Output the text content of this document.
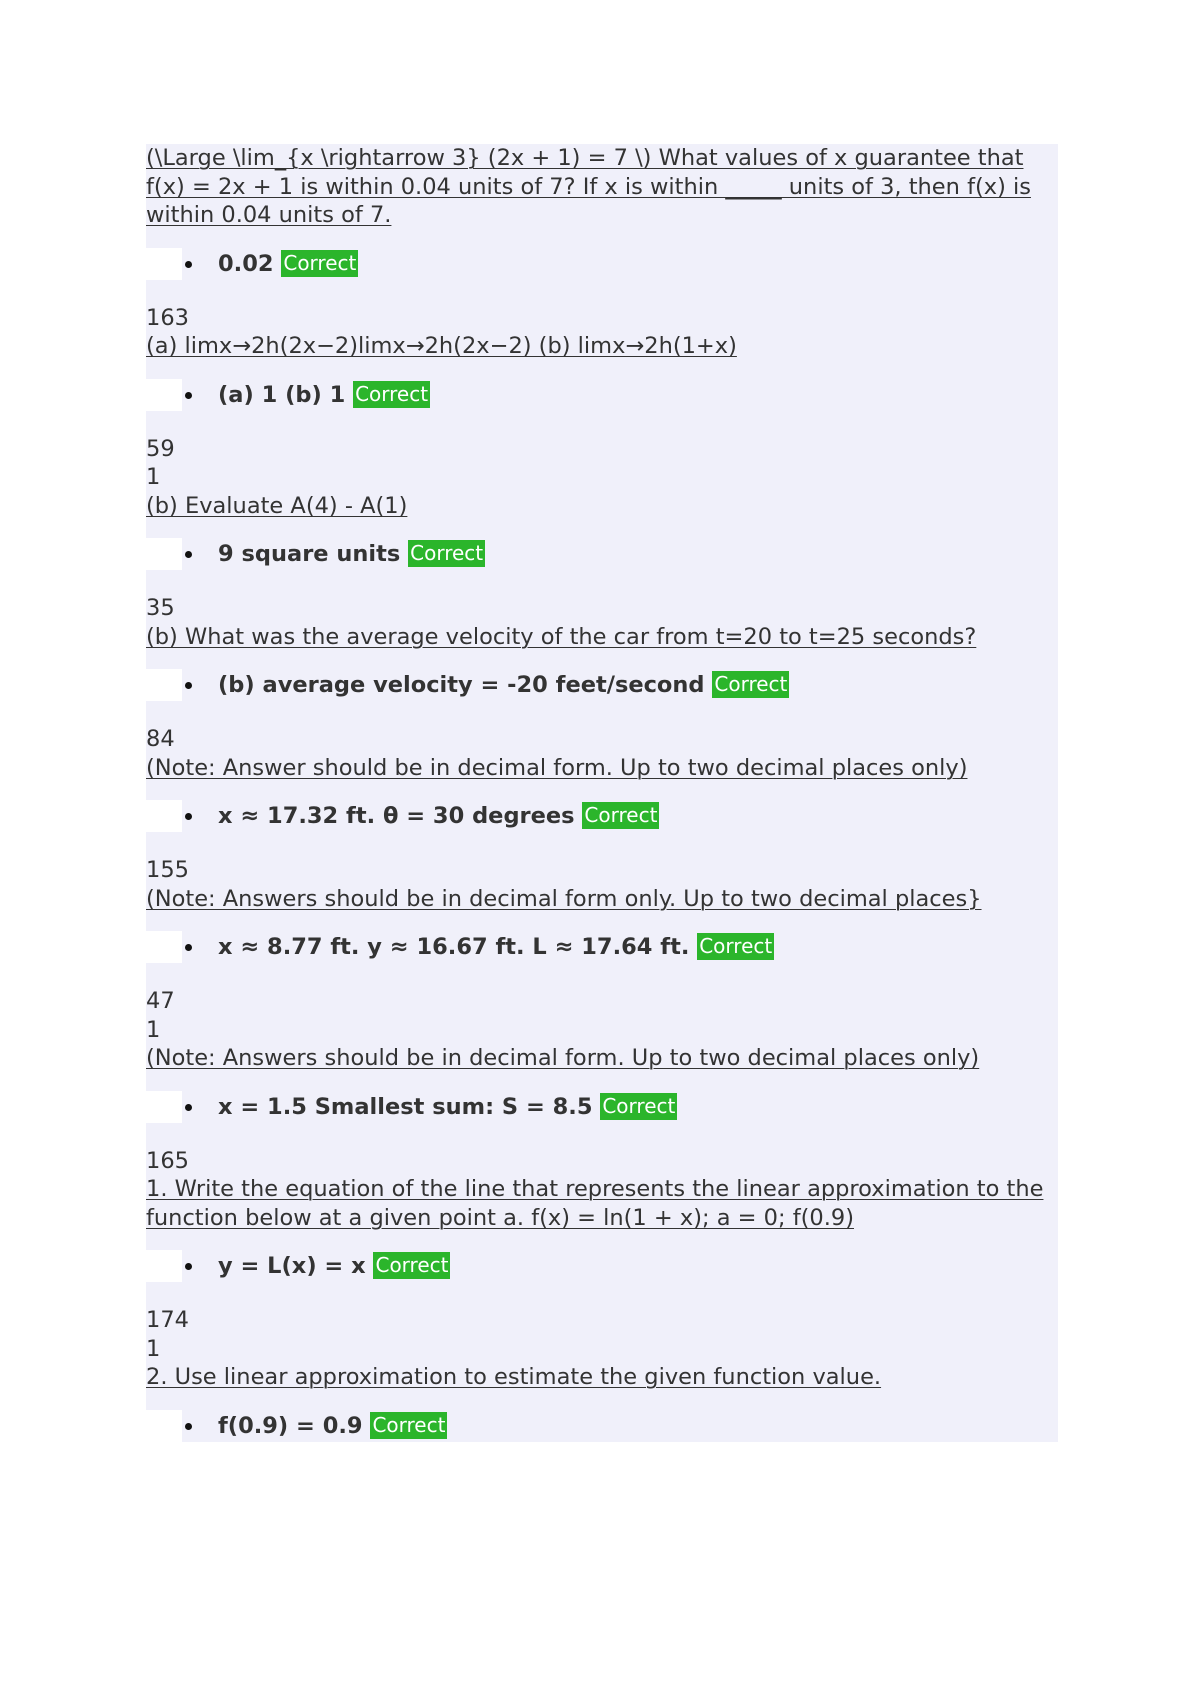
(\Large \lim_{x \rightarrow 3} (2x + 1) = 7 \) What values of x guarantee that f(x) = 2x + 1 is within 0.04 units of 7? If x is within _____ units of 3, then f(x) is within 0.04 units of 7.
0.02 Correct
163
(a) limx→2h(2x−2)limx→2h(2x−2) (b) limx→2h(1+x)
(a) 1 (b) 1 Correct
59
1
(b) Evaluate A(4) - A(1)
9 square units Correct
35
(b) What was the average velocity of the car from t=20 to t=25 seconds?
(b) average velocity = -20 feet/second Correct
84
(Note: Answer should be in decimal form. Up to two decimal places only)
x ≈ 17.32 ft. θ = 30 degrees Correct
155
(Note: Answers should be in decimal form only. Up to two decimal places}
x ≈ 8.77 ft. y ≈ 16.67 ft. L ≈ 17.64 ft. Correct
47
1
(Note: Answers should be in decimal form. Up to two decimal places only)
x = 1.5 Smallest sum: S = 8.5 Correct
165
1. Write the equation of the line that represents the linear approximation to the function below at a given point a. f(x) = ln(1 + x); a = 0; f(0.9)
y = L(x) = x Correct
174
1
2. Use linear approximation to estimate the given function value.
f(0.9) = 0.9 Correct
